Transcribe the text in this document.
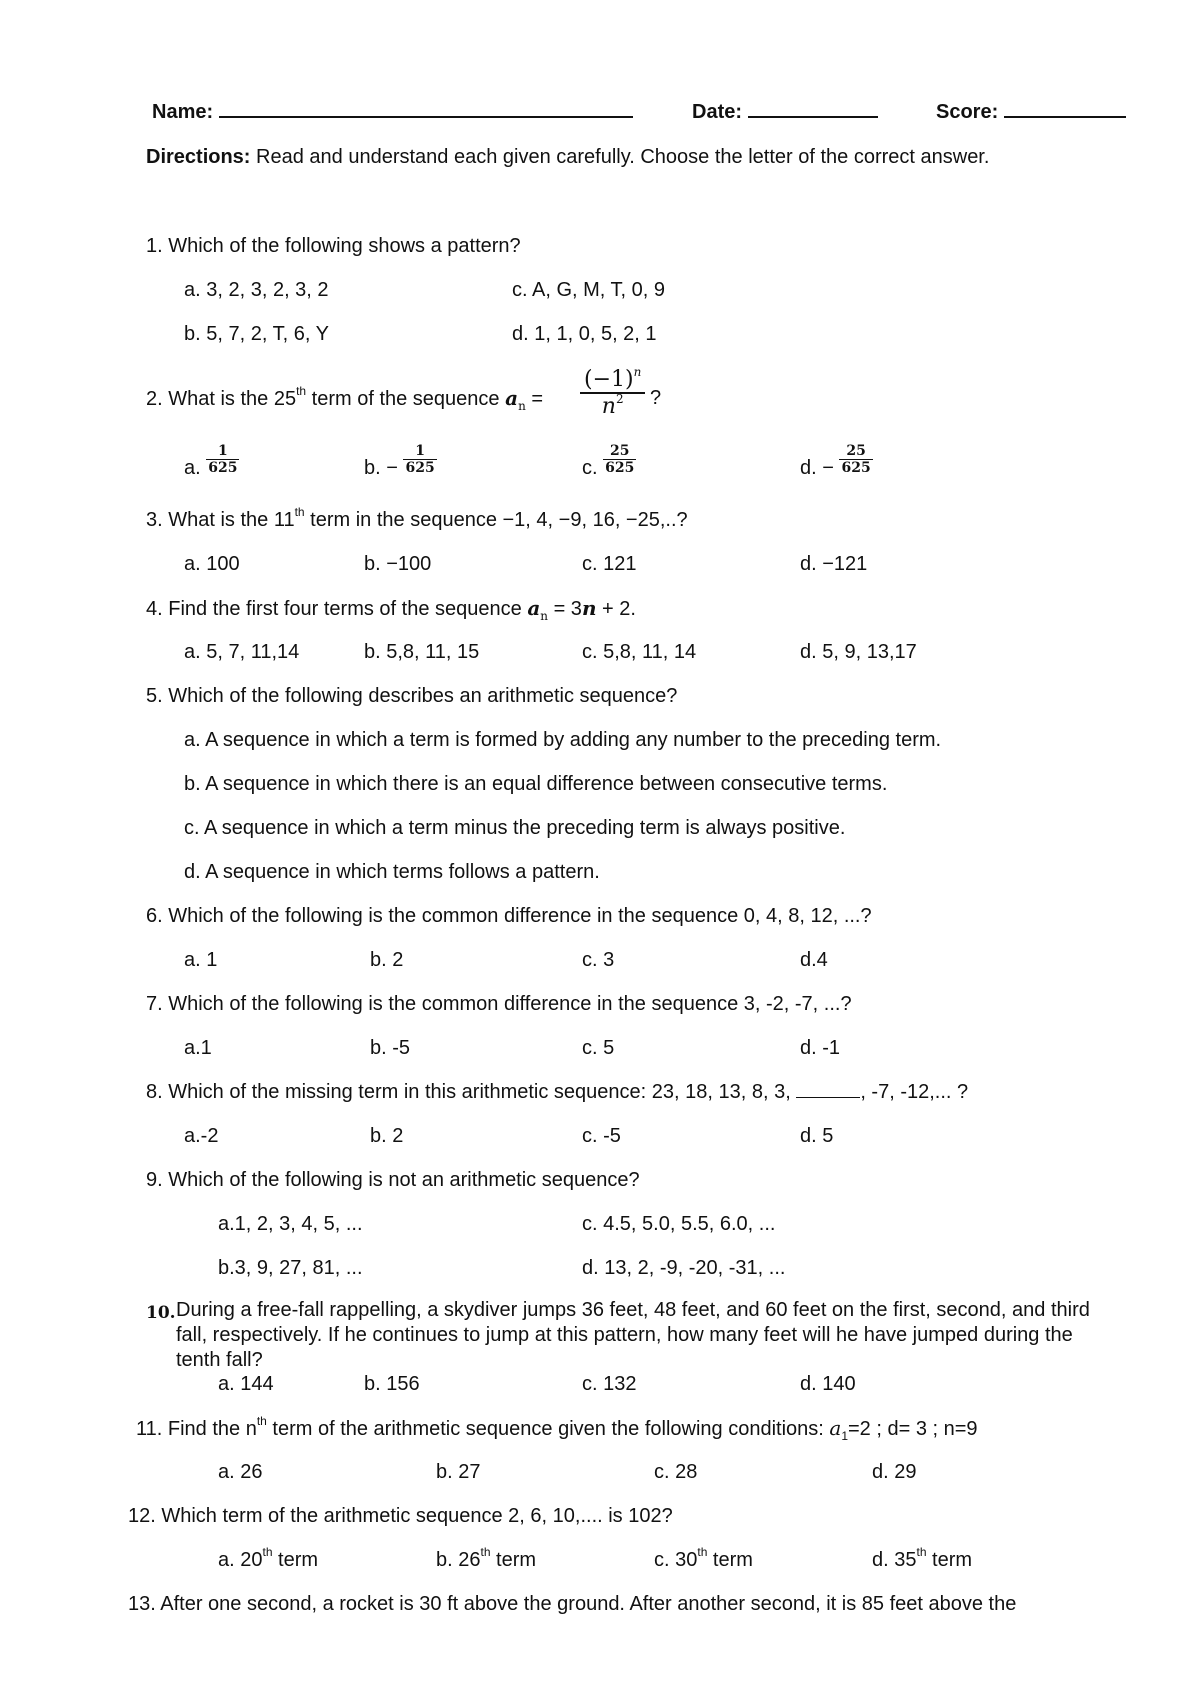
Name:	Date:	Score:
Directions: Read and understand each given carefully. Choose the letter of the correct answer.
1. Which of the following shows a pattern?
a. 3, 2, 3, 2, 3, 2	c. A, G, M, T, 0, 9
b. 5, 7, 2, T, 6, Y	d. 1, 1, 0, 5, 2, 1
2. What is the 25th term of the sequence $a_n = \frac{(-1)^n}{n^2}$ ?
a. $\frac{1}{625}$	b. − $\frac{1}{625}$	c. $\frac{25}{625}$	d. − $\frac{25}{625}$
3. What is the 11th term in the sequence −1, 4, −9, 16, −25,..?
a. 100	b. −100	c. 121	d. −121
4. Find the first four terms of the sequence $a_n = 3n + 2$.
a. 5, 7, 11,14	b. 5,8, 11, 15	c. 5,8, 11, 14	d. 5, 9, 13,17
5. Which of the following describes an arithmetic sequence?
a. A sequence in which a term is formed by adding any number to the preceding term.
b. A sequence in which there is an equal difference between consecutive terms.
c. A sequence in which a term minus the preceding term is always positive.
d. A sequence in which terms follows a pattern.
6. Which of the following is the common difference in the sequence 0, 4, 8, 12, ...?
a. 1	b. 2	c. 3	d.4
7. Which of the following is the common difference in the sequence 3, -2, -7, ...?
a.1	b. -5	c. 5	d. -1
8. Which of the missing term in this arithmetic sequence: 23, 18, 13, 8, 3,	, -7, -12,... ?
a.-2	b. 2	c. -5	d. 5
9. Which of the following is not an arithmetic sequence?
a.1, 2, 3, 4, 5, ...	c. 4.5, 5.0, 5.5, 6.0, ...
b.3, 9, 27, 81, ...	d. 13, 2, -9, -20, -31, ...
10. During a free-fall rappelling, a skydiver jumps 36 feet, 48 feet, and 60 feet on the first, second, and third fall, respectively. If he continues to jump at this pattern, how many feet will he have jumped during the tenth fall?
a. 144	b. 156	c. 132	d. 140
11. Find the $n^{th}$ term of the arithmetic sequence given the following conditions: $a_1=2$ ; d= 3 ; n=9
a. 26	b. 27	c. 28	d. 29
12. Which term of the arithmetic sequence 2, 6, 10,.... is 102?
a. 20th term	b. 26th term	c. 30th term	d. 35th term
13. After one second, a rocket is 30 ft above the ground. After another second, it is 85 feet above the
